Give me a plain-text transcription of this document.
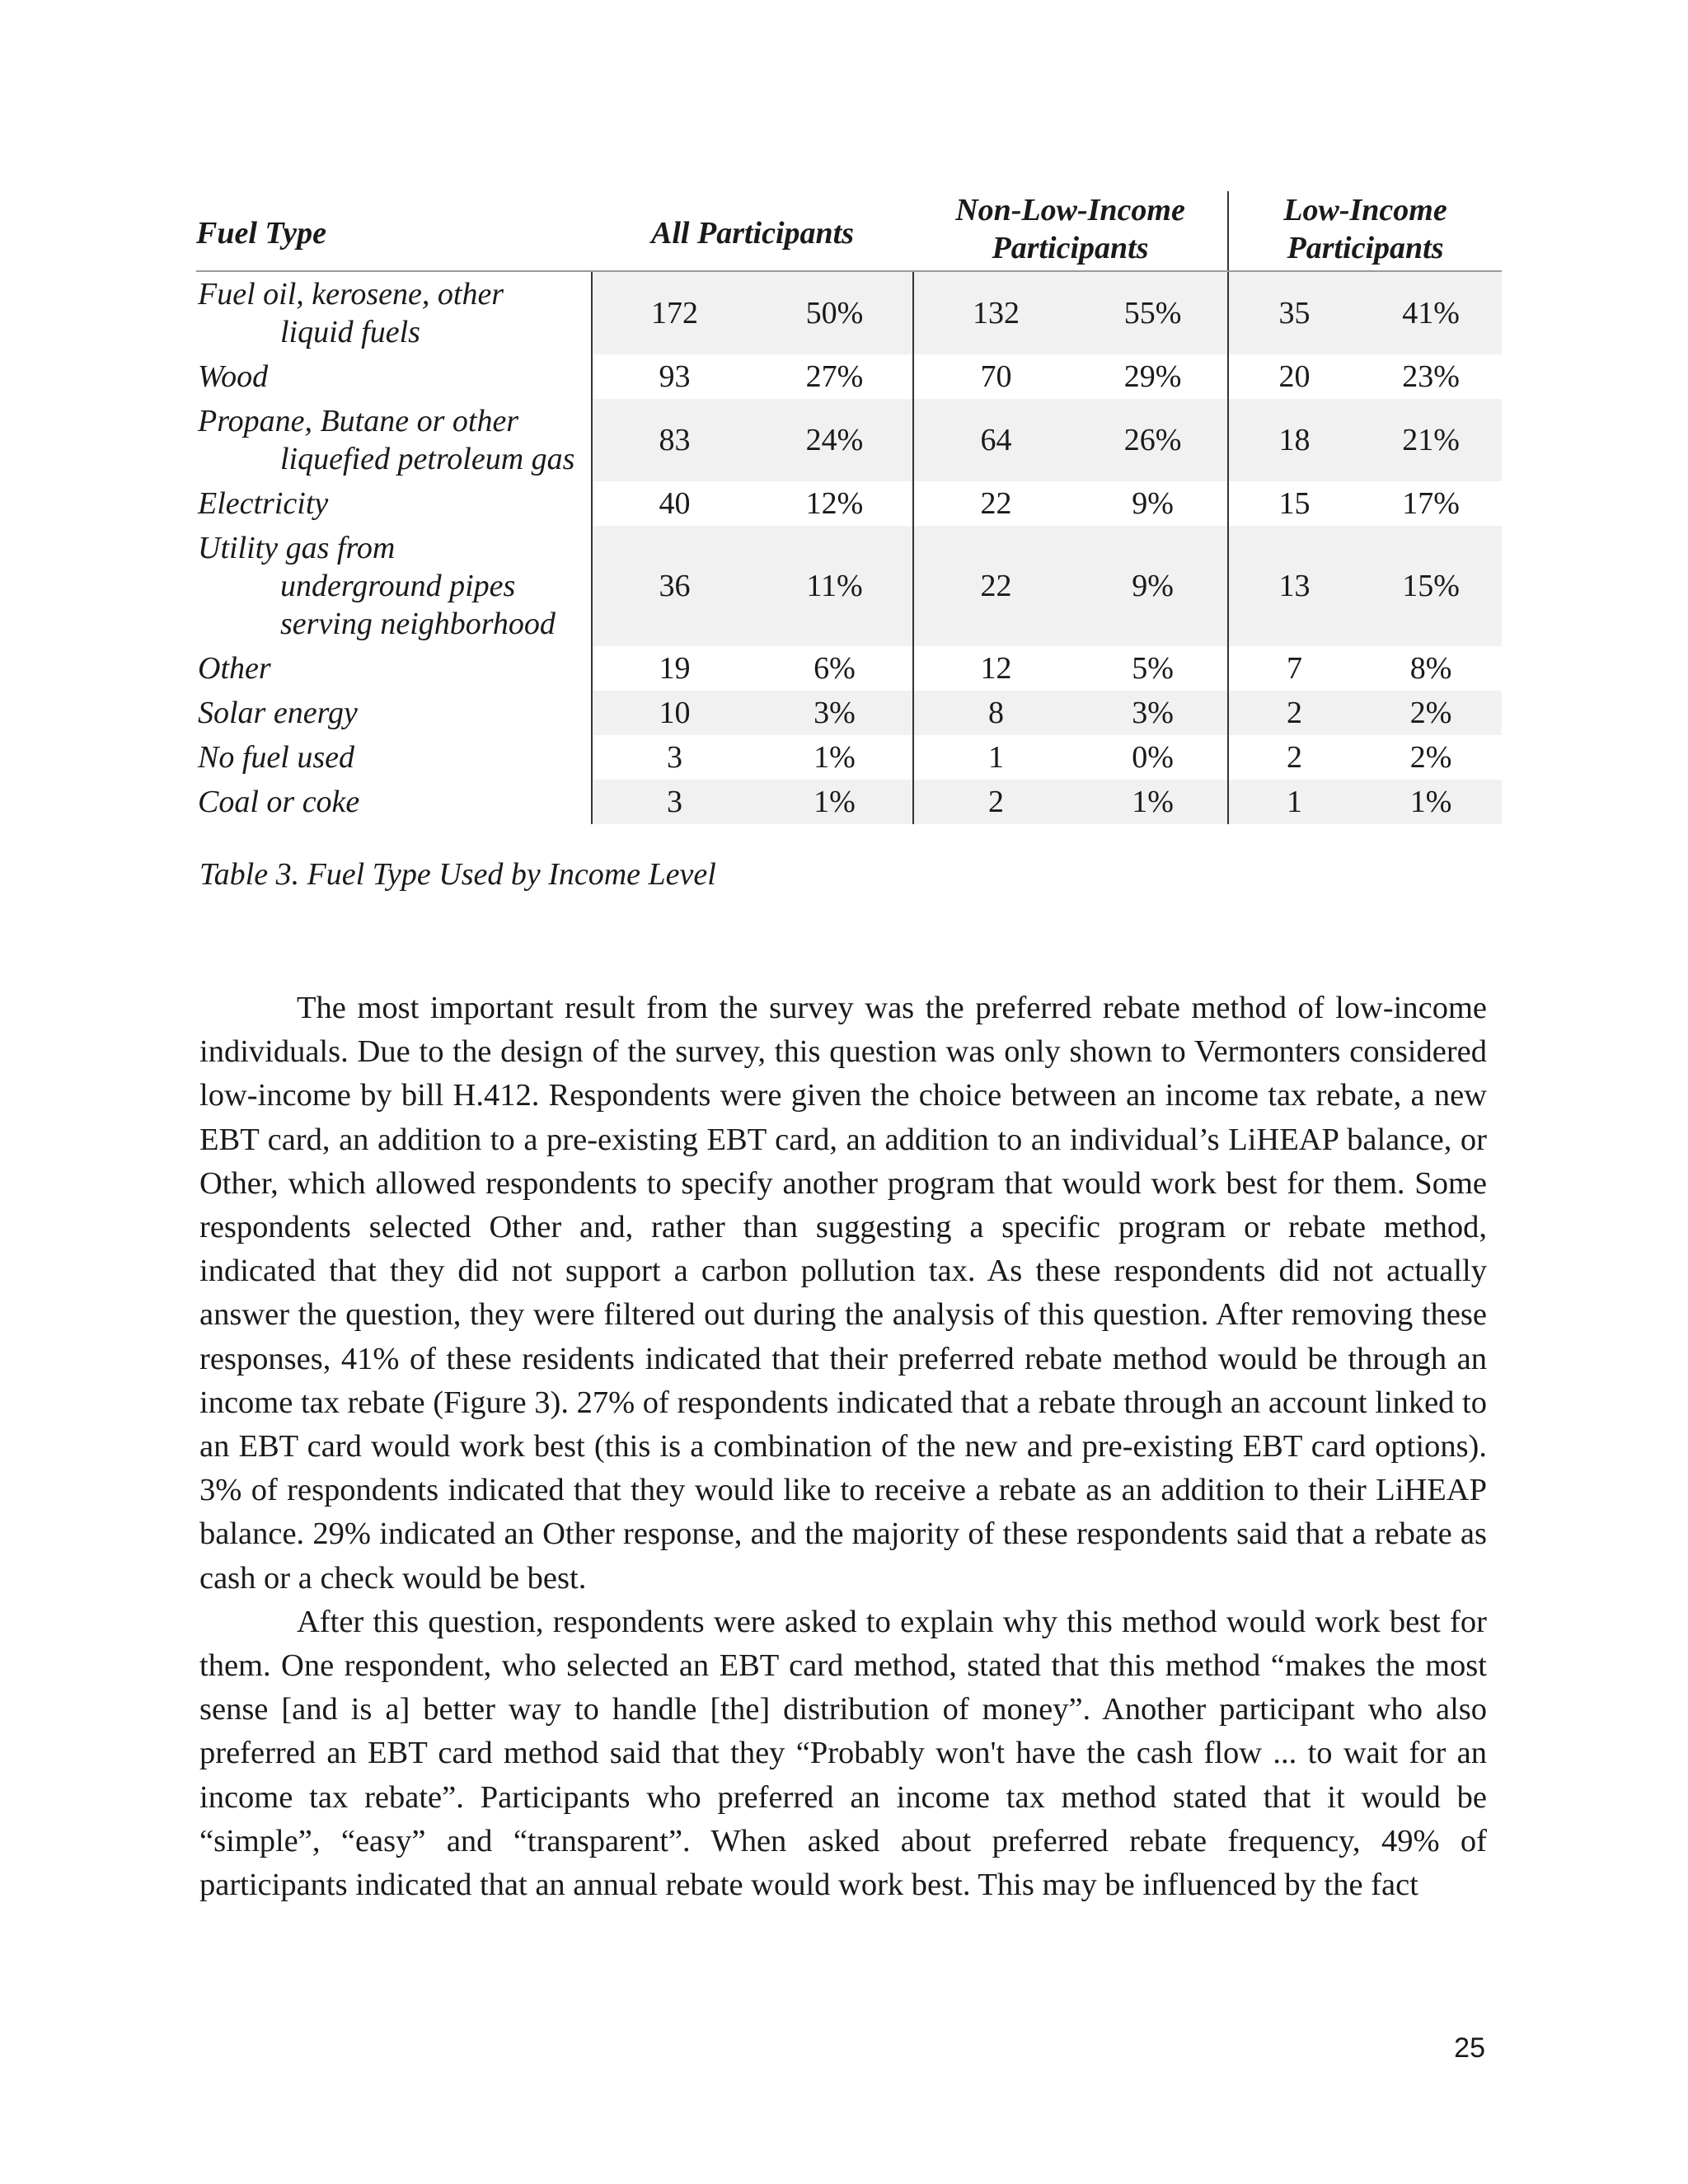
Fuel Type	All Participants		Non-Low-Income Participants		Low-Income Participants	
Fuel oil, kerosene, other
liquid fuels	172	50%	132	55%	35	41%
Wood	93	27%	70	29%	20	23%
Propane, Butane or other
liquefied petroleum gas	83	24%	64	26%	18	21%
Electricity	40	12%	22	9%	15	17%
Utility gas from
underground pipes
serving neighborhood	36	11%	22	9%	13	15%
Other	19	6%	12	5%	7	8%
Solar energy	10	3%	8	3%	2	2%
No fuel used	3	1%	1	0%	2	2%
Coal or coke	3	1%	2	1%	1	1%
Table 3. Fuel Type Used by Income Level

The most important result from the survey was the preferred rebate method of low-income individuals. Due to the design of the survey, this question was only shown to Vermonters considered low-income by bill H.412. Respondents were given the choice between an income tax rebate, a new EBT card, an addition to a pre-existing EBT card, an addition to an individual’s LiHEAP balance, or Other, which allowed respondents to specify another program that would work best for them. Some respondents selected Other and, rather than suggesting a specific program or rebate method, indicated that they did not support a carbon pollution tax. As these respondents did not actually answer the question, they were filtered out during the analysis of this question. After removing these responses, 41% of these residents indicated that their preferred rebate method would be through an income tax rebate (Figure 3). 27% of respondents indicated that a rebate through an account linked to an EBT card would work best (this is a combination of the new and pre-existing EBT card options). 3% of respondents indicated that they would like to receive a rebate as an addition to their LiHEAP balance. 29% indicated an Other response, and the majority of these respondents said that a rebate as cash or a check would be best.

After this question, respondents were asked to explain why this method would work best for them. One respondent, who selected an EBT card method, stated that this method “makes the most sense [and is a] better way to handle [the] distribution of money”. Another participant who also preferred an EBT card method said that they “Probably won't have the cash flow ... to wait for an income tax rebate”. Participants who preferred an income tax method stated that it would be “simple”, “easy” and “transparent”. When asked about preferred rebate frequency, 49% of participants indicated that an annual rebate would work best. This may be influenced by the fact

25
